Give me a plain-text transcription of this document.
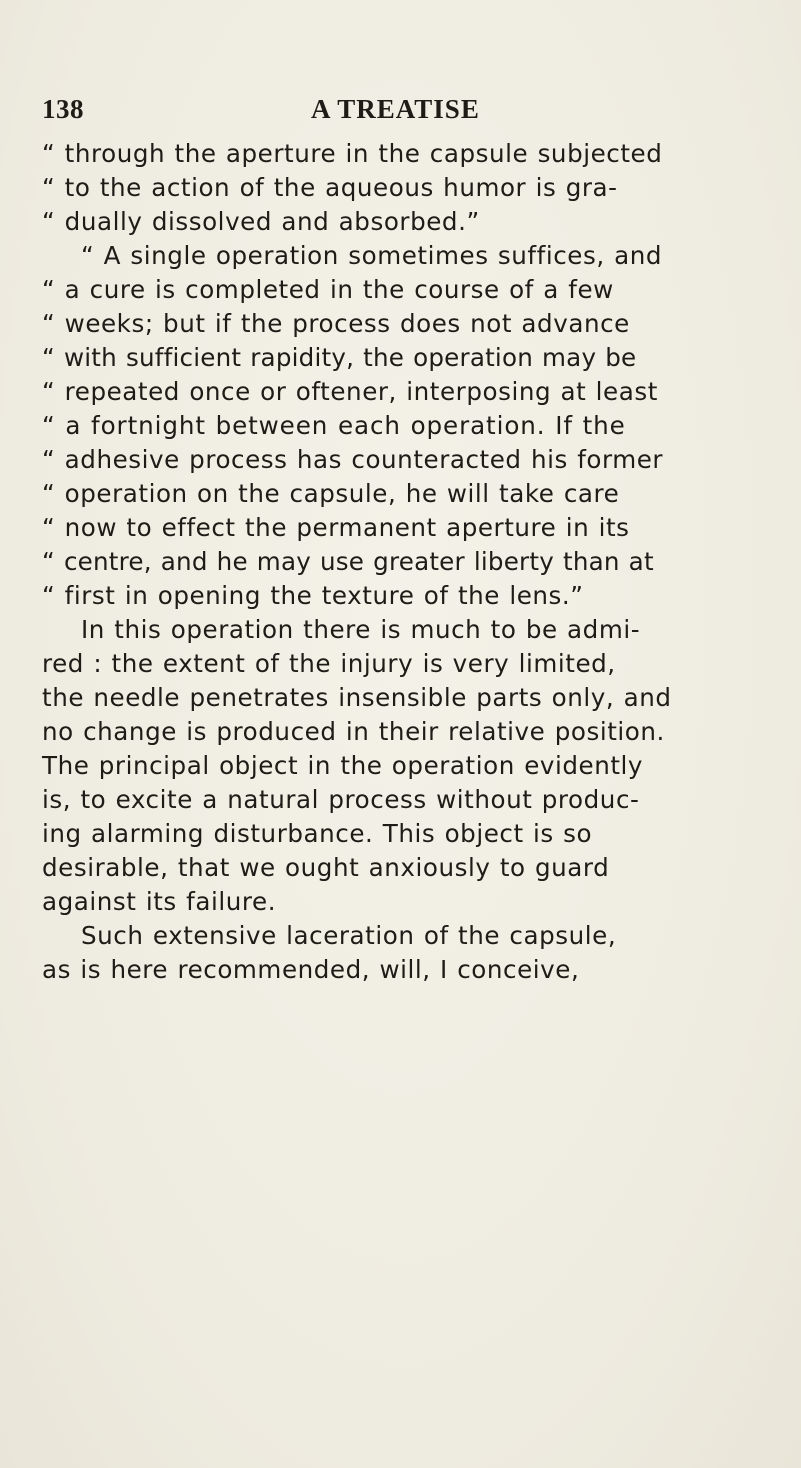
138	A TREATISE
“ through the aperture in the capsule subjected
“ to the action of the aqueous humor is gra-
“ dually dissolved and absorbed.”
“ A single operation sometimes suffices, and
“ a cure is completed in the course of a few
“ weeks; but if the process does not advance
“ with sufficient rapidity, the operation may be
“ repeated once or oftener, interposing at least
“ a fortnight between each operation. If the
“ adhesive process has counteracted his former
“ operation on the capsule, he will take care
“ now to effect the permanent aperture in its
“ centre, and he may use greater liberty than at
“ first in opening the texture of the lens.”
In this operation there is much to be admi-
red : the extent of the injury is very limited,
the needle penetrates insensible parts only, and
no change is produced in their relative position.
The principal object in the operation evidently
is, to excite a natural process without produc-
ing alarming disturbance. This object is so
desirable, that we ought anxiously to guard
against its failure.
Such extensive laceration of the capsule,
as is here recommended, will, I conceive,
